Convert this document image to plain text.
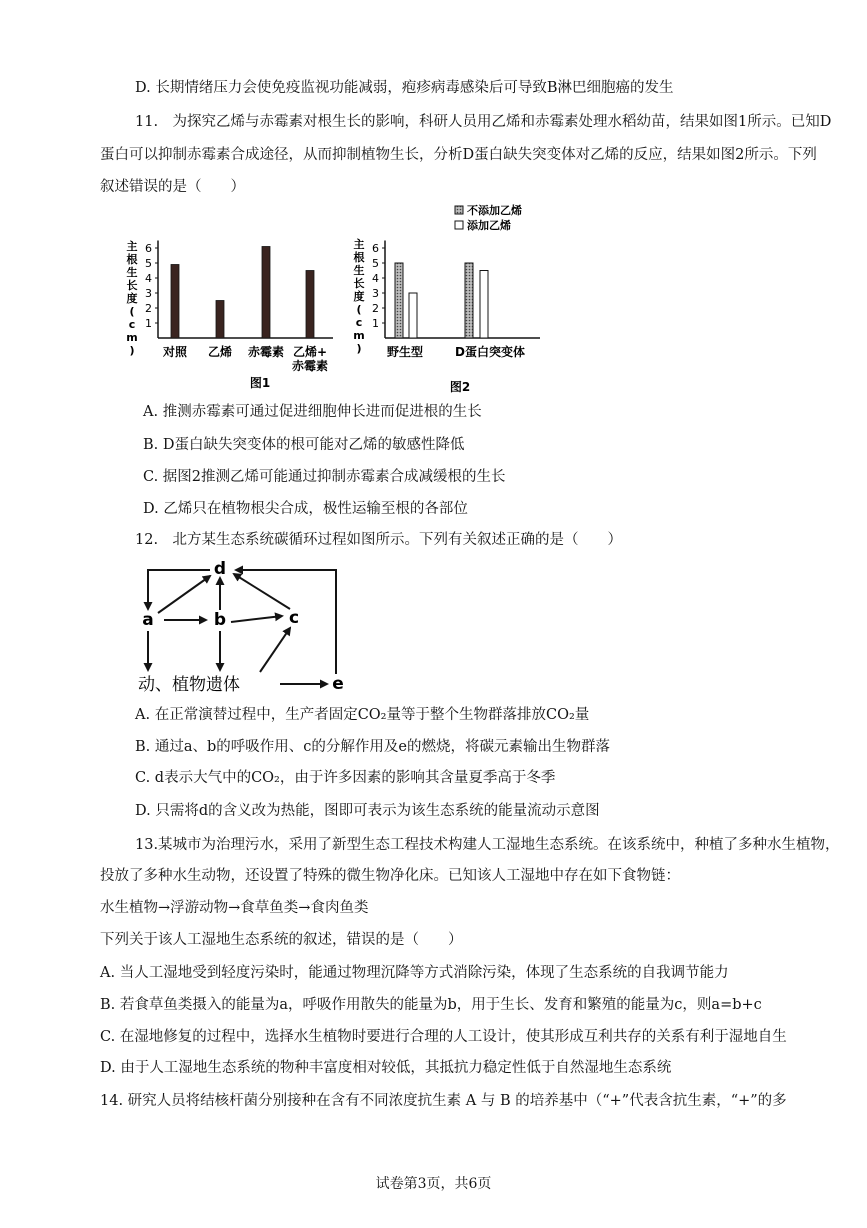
D. 长期情绪压力会使免疫监视功能减弱，疱疹病毒感染后可导致B淋巴细胞癌的发生
11.　为探究乙烯与赤霉素对根生长的影响，科研人员用乙烯和赤霉素处理水稻幼苗，结果如图1所示。已知D
蛋白可以抑制赤霉素合成途径，从而抑制植物生长，分析D蛋白缺失突变体对乙烯的反应，结果如图2所示。下列
叙述错误的是（　　）
1
2
3
4
5
6
主
根
生
长
度
(
c
m
) 对照 乙烯 赤霉素 乙烯+
赤霉素
图1
1
2
3
4
5
6
主
根
生
长
度
(
c
m
)
不添加乙烯
添加乙烯
野生型	D蛋白突变体
图2
A. 推测赤霉素可通过促进细胞伸长进而促进根的生长
B. D蛋白缺失突变体的根可能对乙烯的敏感性降低
C. 据图2推测乙烯可能通过抑制赤霉素合成减缓根的生长
D. 乙烯只在植物根尖合成，极性运输至根的各部位
12.　北方某生态系统碳循环过程如图所示。下列有关叙述正确的是（　　）
d
a	b	c
e
动、植物遗体
A. 在正常演替过程中，生产者固定CO₂量等于整个生物群落排放CO₂量
B. 通过a、b的呼吸作用、c的分解作用及e的燃烧，将碳元素输出生物群落
C. d表示大气中的CO₂，由于许多因素的影响其含量夏季高于冬季
D. 只需将d的含义改为热能，图即可表示为该生态系统的能量流动示意图
13.某城市为治理污水，采用了新型生态工程技术构建人工湿地生态系统。在该系统中，种植了多种水生植物，
投放了多种水生动物，还设置了特殊的微生物净化床。已知该人工湿地中存在如下食物链：
水生植物→浮游动物→食草鱼类→食肉鱼类
下列关于该人工湿地生态系统的叙述，错误的是（　　）
A. 当人工湿地受到轻度污染时，能通过物理沉降等方式消除污染，体现了生态系统的自我调节能力
B. 若食草鱼类摄入的能量为a，呼吸作用散失的能量为b，用于生长、发育和繁殖的能量为c，则a=b+c
C. 在湿地修复的过程中，选择水生植物时要进行合理的人工设计，使其形成互利共存的关系有利于湿地自生
D. 由于人工湿地生态系统的物种丰富度相对较低，其抵抗力稳定性低于自然湿地生态系统
14. 研究人员将结核杆菌分别接种在含有不同浓度抗生素 A 与 B 的培养基中（“+”代表含抗生素，“+”的多
试卷第3页，共6页
